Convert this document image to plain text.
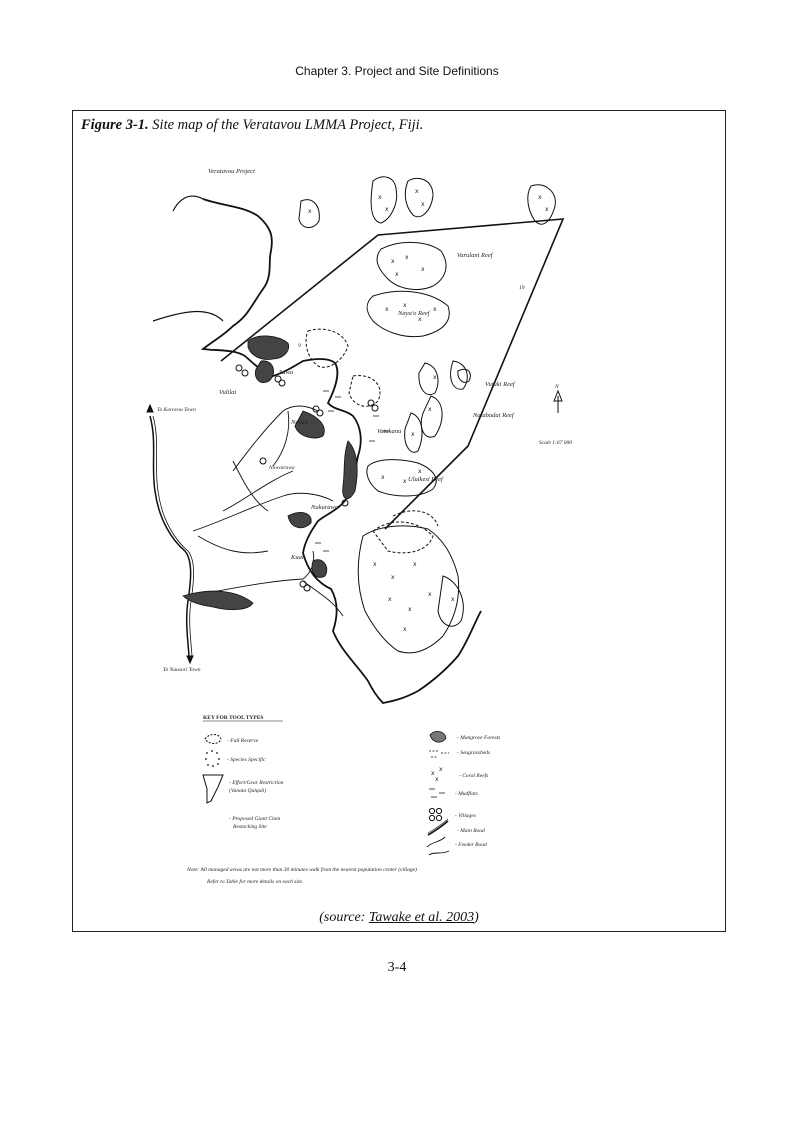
Chapter 3. Project and Site Definitions
Figure 3-1. Site map of the Veratavou LMMA Project, Fiji.
Veratavou Project
x
x
x
x
x
x
x
x
x
x
x
x
x
x
x
x
x
x
x
x
x
x
x
x
x
x
x
x
x
Varulani Reef
Naya'o Reef
19
Vujuki Reef
Natabadai Reef
Uluikesi Reef
Vulilai
Sawa
9
Naisia
Vatukana
Nawairawa
Nukurawa
Kual
To Korovou Town
To Nausori Town
N
Scale 1:67 000
KEY FOR TOOL TYPES
- Full Reserve
- Species Specific
- Effort/Gear Restriction
(Vanata Qalqali)
- Proposed Giant Clam
Restocking Site
- Mangrove Forests
- Seagrassbeds
x
x
x	- Coral Reefs
- Mudflats
- Villages
- Main Road
- Feeder Road
Note: All managed areas are not more than 30 minutes walk from the nearest population center (village)
Refer to Table for more details on each site.
(source: Tawake et al. 2003)
3-4
